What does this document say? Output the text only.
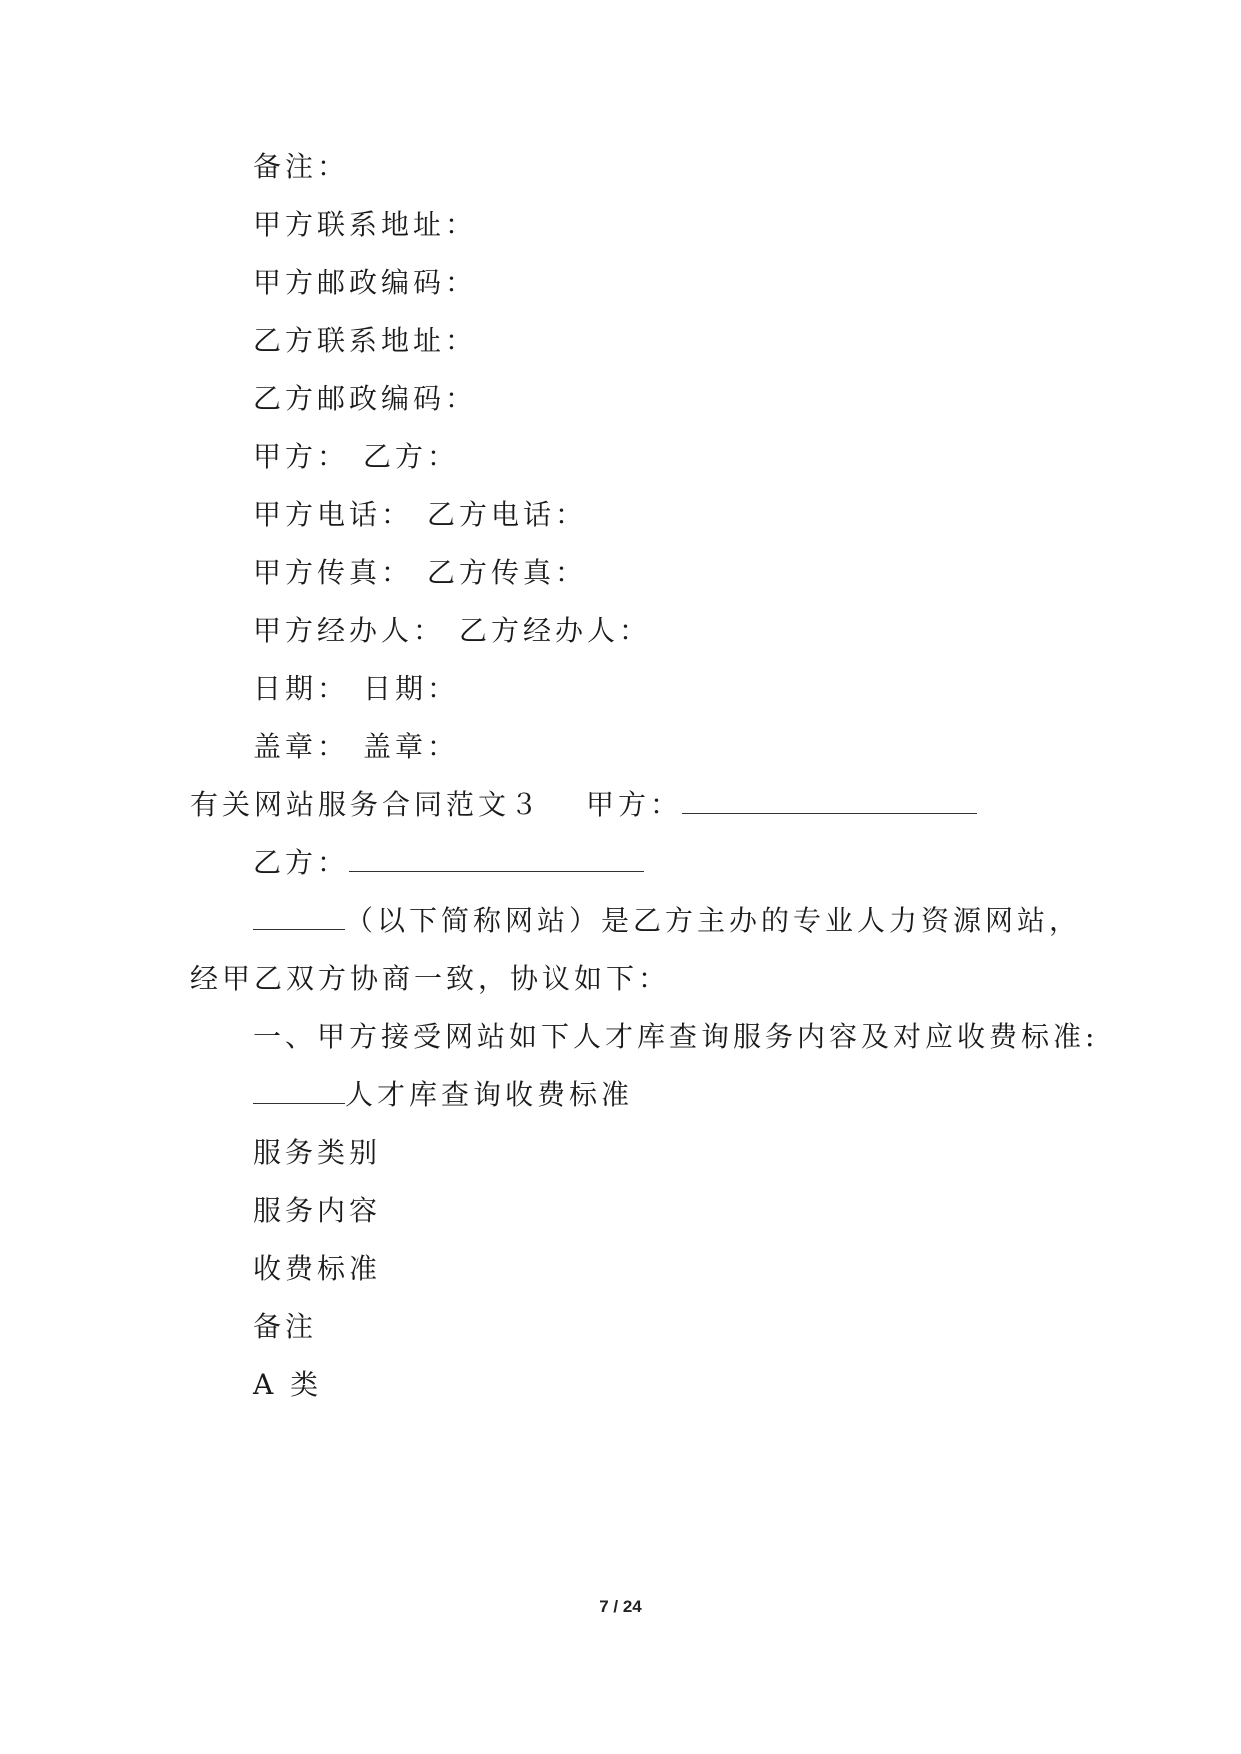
备注：
甲方联系地址：
甲方邮政编码：
乙方联系地址：
乙方邮政编码：
甲方： 乙方：
甲方电话： 乙方电话：
甲方传真： 乙方传真：
甲方经办人： 乙方经办人：
日期： 日期：
盖章： 盖章：
有关网站服务合同范文３ 甲方：
乙方：
（以下简称网站）是乙方主办的专业人力资源网站，
经甲乙双方协商一致，协议如下：
一、甲方接受网站如下人才库查询服务内容及对应收费标准:
人才库查询收费标准
服务类别
服务内容
收费标准
备注
A 类
7 / 24
